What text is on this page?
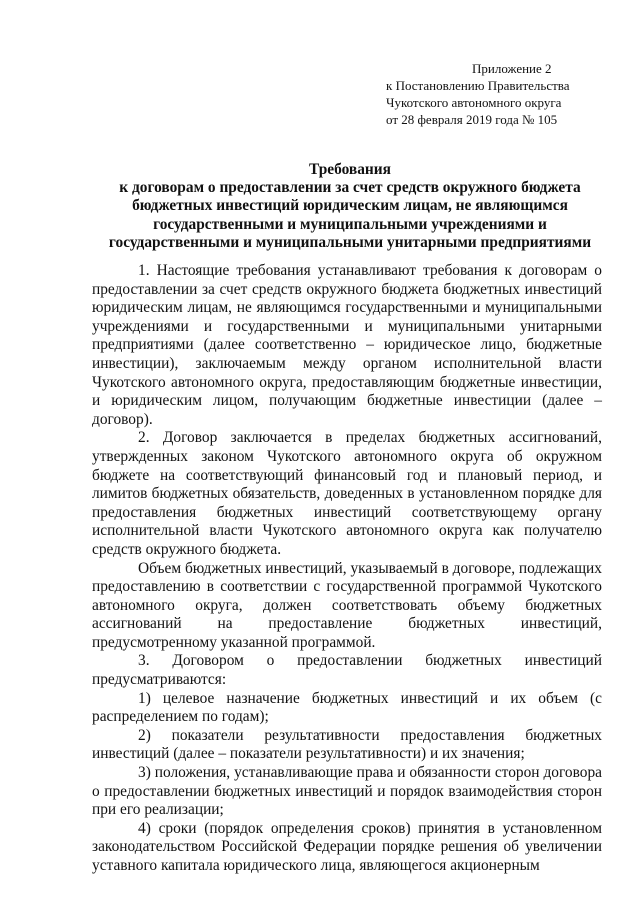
Приложение 2
к Постановлению Правительства
Чукотского автономного округа
от 28 февраля 2019 года № 105
Требования
к договорам о предоставлении за счет средств окружного бюджета
бюджетных инвестиций юридическим лицам, не являющимся
государственными и муниципальными учреждениями и
государственными и муниципальными унитарными предприятиями

1. Настоящие требования устанавливают требования к договорам о предоставлении за счет средств окружного бюджета бюджетных инвестиций юридическим лицам, не являющимся государственными и муниципальными учреждениями и государственными и муниципальными унитарными предприятиями (далее соответственно – юридическое лицо, бюджетные инвестиции), заключаемым между органом исполнительной власти Чукотского автономного округа, предоставляющим бюджетные инвестиции, и юридическим лицом, получающим бюджетные инвестиции (далее – договор).

2. Договор заключается в пределах бюджетных ассигнований, утвержденных законом Чукотского автономного округа об окружном бюджете на соответствующий финансовый год и плановый период, и лимитов бюджетных обязательств, доведенных в установленном порядке для предоставления бюджетных инвестиций соответствующему органу исполнительной власти Чукотского автономного округа как получателю средств окружного бюджета.

Объем бюджетных инвестиций, указываемый в договоре, подлежащих предоставлению в соответствии с государственной программой Чукотского автономного округа, должен соответствовать объему бюджетных ассигнований на предоставление бюджетных инвестиций, предусмотренному указанной программой.

3. Договором о предоставлении бюджетных инвестиций предусматриваются:

1) целевое назначение бюджетных инвестиций и их объем (с распределением по годам);

2) показатели результативности предоставления бюджетных инвестиций (далее – показатели результативности) и их значения;

3) положения, устанавливающие права и обязанности сторон договора о предоставлении бюджетных инвестиций и порядок взаимодействия сторон при его реализации;

4) сроки (порядок определения сроков) принятия в установленном законодательством Российской Федерации порядке решения об увеличении уставного капитала юридического лица, являющегося акционерным
